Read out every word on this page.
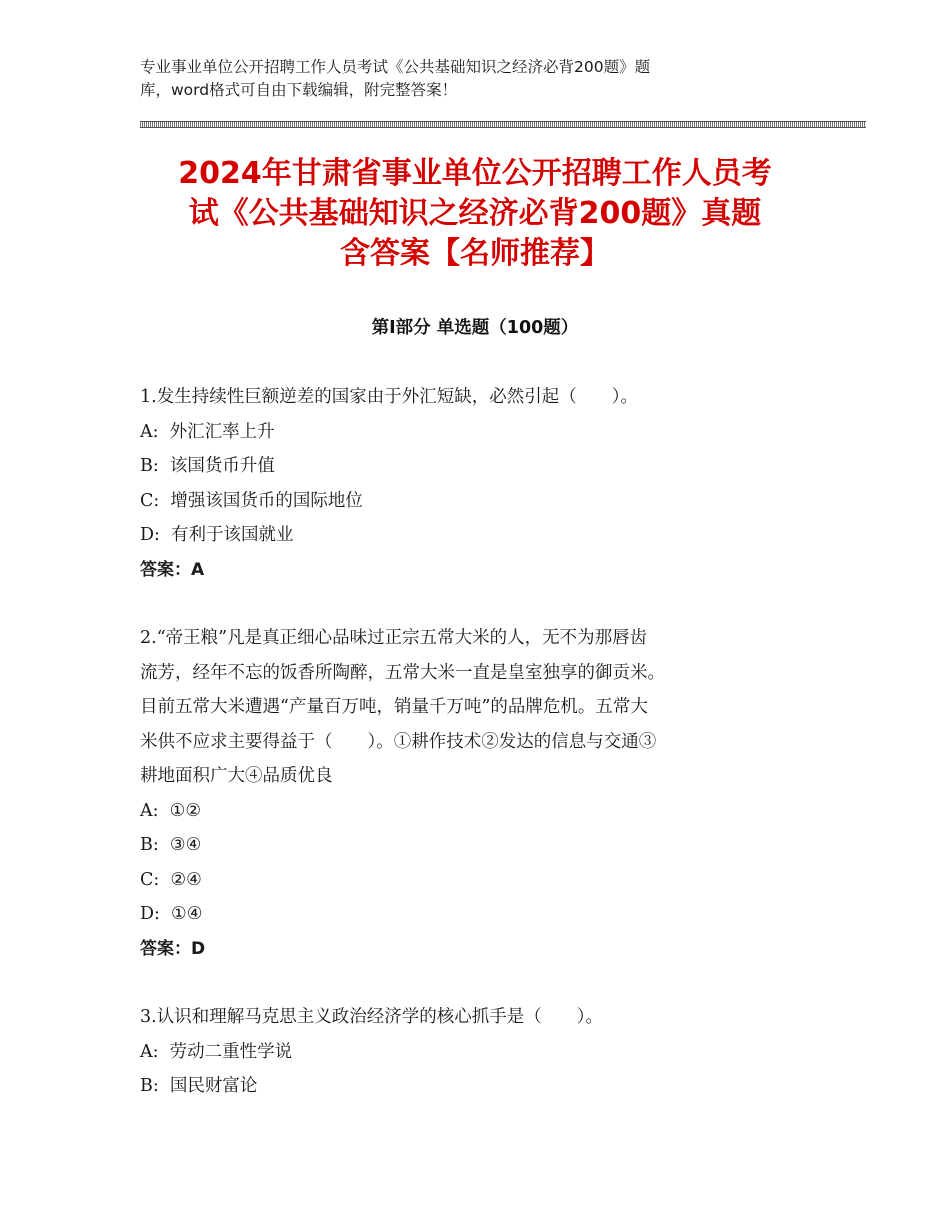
专业事业单位公开招聘工作人员考试《公共基础知识之经济必背200题》题
库，word格式可自由下载编辑，附完整答案！
2024年甘肃省事业单位公开招聘工作人员考
试《公共基础知识之经济必背200题》真题
含答案【名师推荐】
第Ⅰ部分 单选题（100题）
1.发生持续性巨额逆差的国家由于外汇短缺，必然引起（　　）。
A:  外汇汇率上升
B:  该国货币升值
C:  增强该国货币的国际地位
D:  有利于该国就业
答案：A
2.“帝王粮”凡是真正细心品味过正宗五常大米的人，无不为那唇齿
流芳，经年不忘的饭香所陶醉，五常大米一直是皇室独享的御贡米。
目前五常大米遭遇“产量百万吨，销量千万吨”的品牌危机。五常大
米供不应求主要得益于（　　）。①耕作技术②发达的信息与交通③
耕地面积广大④品质优良
A:  ①②
B:  ③④
C:  ②④
D:  ①④
答案：D
3.认识和理解马克思主义政治经济学的核心抓手是（　　）。
A:  劳动二重性学说
B:  国民财富论
